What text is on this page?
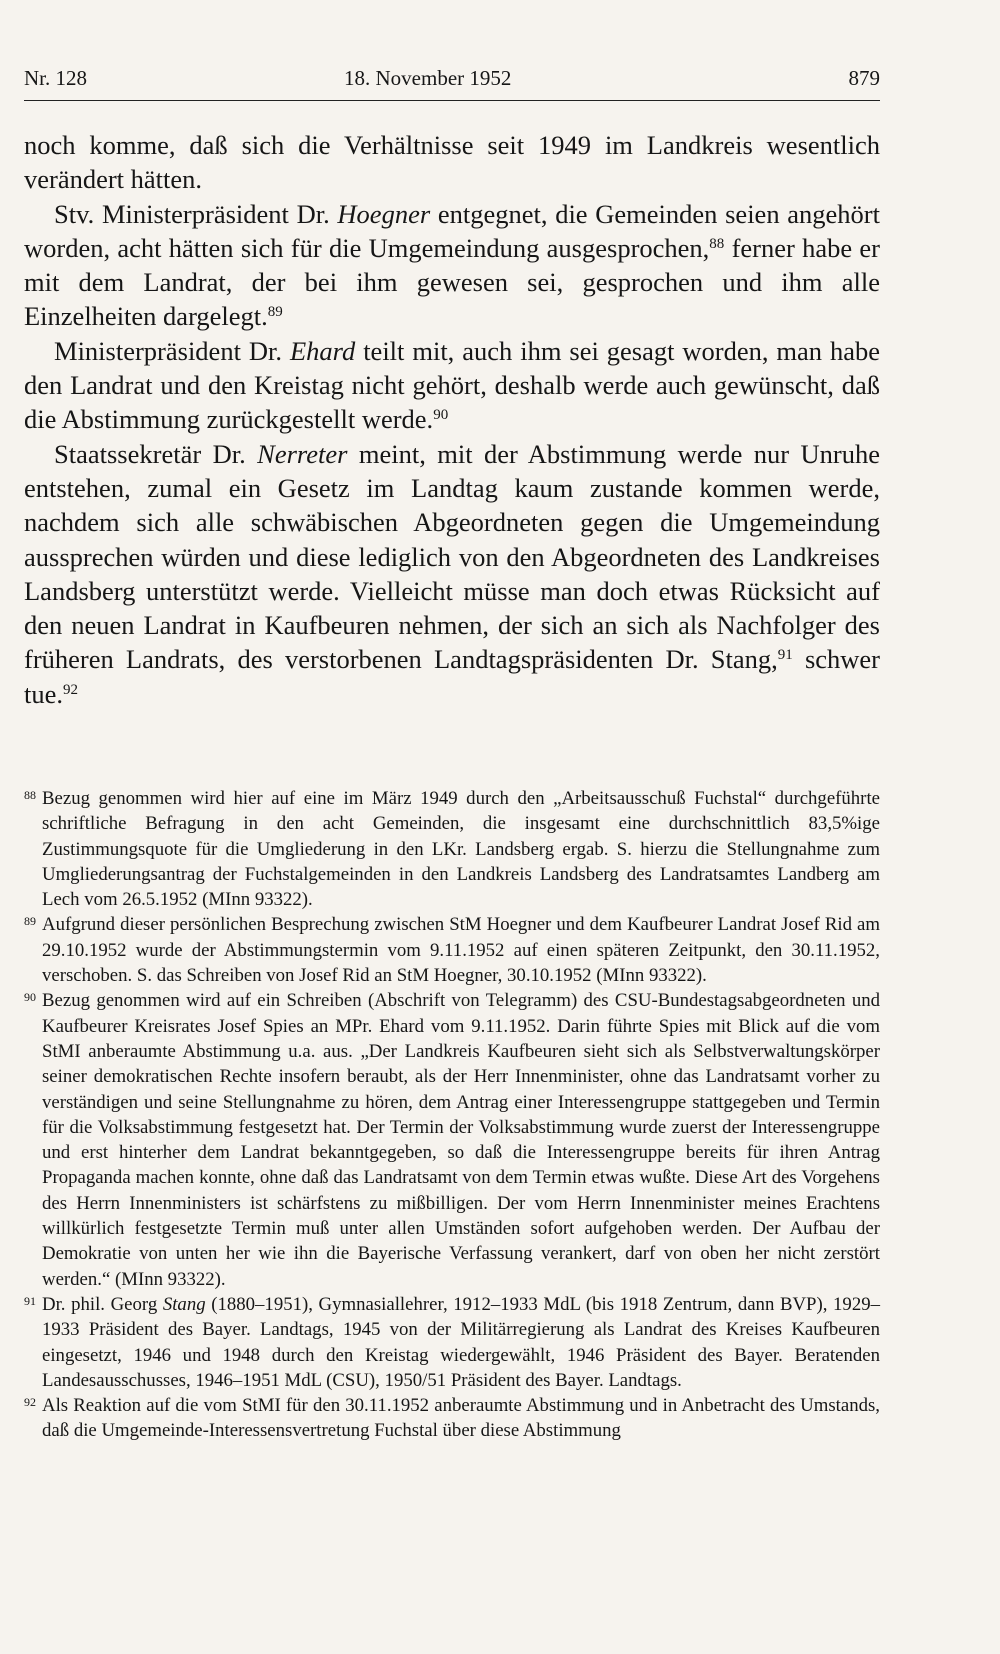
Nr. 128	18. November 1952	879

noch komme, daß sich die Verhältnisse seit 1949 im Landkreis wesentlich verändert hätten.

Stv. Ministerpräsident Dr. Hoegner entgegnet, die Gemeinden seien angehört worden, acht hätten sich für die Umgemeindung ausgesprochen,$^{88}$ ferner habe er mit dem Landrat, der bei ihm gewesen sei, gesprochen und ihm alle Einzelheiten dargelegt.$^{89}$

Ministerpräsident Dr. Ehard teilt mit, auch ihm sei gesagt worden, man habe den Landrat und den Kreistag nicht gehört, deshalb werde auch gewünscht, daß die Abstimmung zurückgestellt werde.$^{90}$

Staatssekretär Dr. Nerreter meint, mit der Abstimmung werde nur Unruhe entstehen, zumal ein Gesetz im Landtag kaum zustande kommen werde, nachdem sich alle schwäbischen Abgeordneten gegen die Umgemeindung aussprechen würden und diese lediglich von den Abgeordneten des Landkreises Landsberg unterstützt werde. Vielleicht müsse man doch etwas Rücksicht auf den neuen Landrat in Kaufbeuren nehmen, der sich an sich als Nachfolger des früheren Landrats, des verstorbenen Landtagspräsidenten Dr. Stang,$^{91}$ schwer tue.$^{92}$

88 Bezug genommen wird hier auf eine im März 1949 durch den „Arbeitsausschuß Fuchstal“ durchgeführte schriftliche Befragung in den acht Gemeinden, die insgesamt eine durchschnittlich 83,5%ige Zustimmungsquote für die Umgliederung in den LKr. Landsberg ergab. S. hierzu die Stellungnahme zum Umgliederungsantrag der Fuchstalgemeinden in den Landkreis Landsberg des Landratsamtes Landberg am Lech vom 26.5.1952 (MInn 93322).

89 Aufgrund dieser persönlichen Besprechung zwischen StM Hoegner und dem Kaufbeurer Landrat Josef Rid am 29.10.1952 wurde der Abstimmungstermin vom 9.11.1952 auf einen späteren Zeitpunkt, den 30.11.1952, verschoben. S. das Schreiben von Josef Rid an StM Hoegner, 30.10.1952 (MInn 93322).

90 Bezug genommen wird auf ein Schreiben (Abschrift von Telegramm) des CSU-Bundestagsabgeordneten und Kaufbeurer Kreisrates Josef Spies an MPr. Ehard vom 9.11.1952. Darin führte Spies mit Blick auf die vom StMI anberaumte Abstimmung u.a. aus. „Der Landkreis Kaufbeuren sieht sich als Selbstverwaltungskörper seiner demokratischen Rechte insofern beraubt, als der Herr Innenminister, ohne das Landratsamt vorher zu verständigen und seine Stellungnahme zu hören, dem Antrag einer Interessengruppe stattgegeben und Termin für die Volksabstimmung festgesetzt hat. Der Termin der Volksabstimmung wurde zuerst der Interessengruppe und erst hinterher dem Landrat bekanntgegeben, so daß die Interessengruppe bereits für ihren Antrag Propaganda machen konnte, ohne daß das Landratsamt von dem Termin etwas wußte. Diese Art des Vorgehens des Herrn Innenministers ist schärfstens zu mißbilligen. Der vom Herrn Innenminister meines Erachtens willkürlich festgesetzte Termin muß unter allen Umständen sofort aufgehoben werden. Der Aufbau der Demokratie von unten her wie ihn die Bayerische Verfassung verankert, darf von oben her nicht zerstört werden.“ (MInn 93322).

91 Dr. phil. Georg Stang (1880–1951), Gymnasiallehrer, 1912–1933 MdL (bis 1918 Zentrum, dann BVP), 1929–1933 Präsident des Bayer. Landtags, 1945 von der Militärregierung als Landrat des Kreises Kaufbeuren eingesetzt, 1946 und 1948 durch den Kreistag wiedergewählt, 1946 Präsident des Bayer. Beratenden Landesausschusses, 1946–1951 MdL (CSU), 1950/51 Präsident des Bayer. Landtags.

92 Als Reaktion auf die vom StMI für den 30.11.1952 anberaumte Abstimmung und in Anbetracht des Umstands, daß die Umgemeinde-Interessensvertretung Fuchstal über diese Abstimmung
